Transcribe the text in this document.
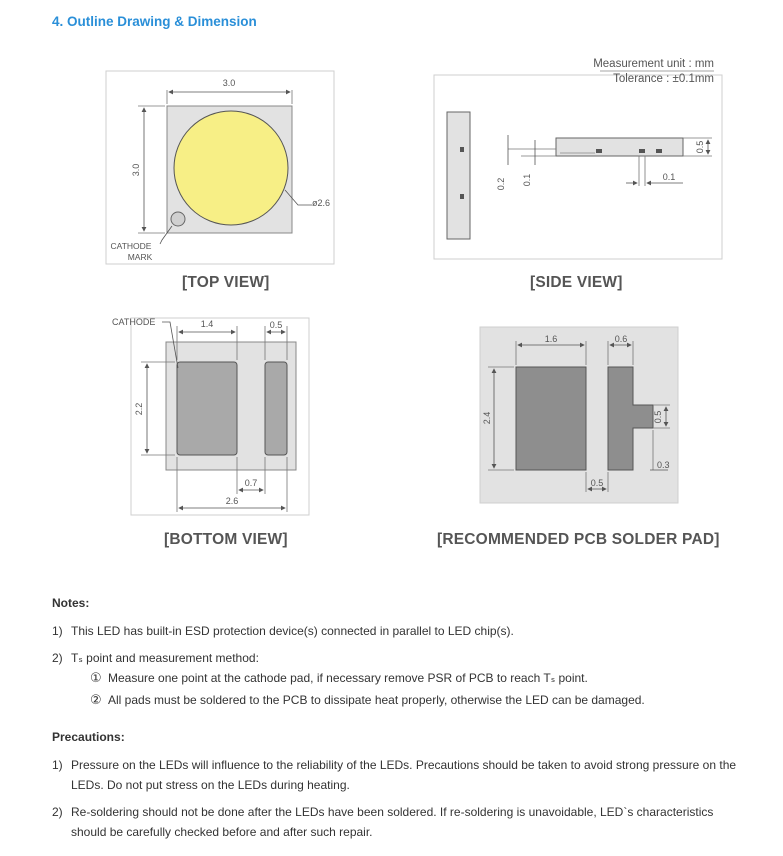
4. Outline Drawing & Dimension
3.0
3.0
ø2.6
CATHODE
MARK
Measurement unit : mm
Tolerance : ±0.1mm
0.2 0.1	0.1
0.5
CATHODE	1.4	0.5
2.2
0.7
2.6
1.6	0.6
2.4	0.5
0.3
0.5
[TOP VIEW]	[SIDE VIEW]
[BOTTOM VIEW]	[RECOMMENDED PCB SOLDER PAD]
Notes:
1) This LED has built-in ESD protection device(s) connected in parallel to LED chip(s).
2) Tₛ point and measurement method:
① Measure one point at the cathode pad, if necessary remove PSR of PCB to reach Tₛ point.
② All pads must be soldered to the PCB to dissipate heat properly, otherwise the LED can be damaged.
Precautions:
1) Pressure on the LEDs will influence to the reliability of the LEDs. Precautions should be taken to avoid strong pressure on the LEDs. Do not put stress on the LEDs during heating.
2) Re-soldering should not be done after the LEDs have been soldered. If re-soldering is unavoidable, LED`s characteristics should be carefully checked before and after such repair.
